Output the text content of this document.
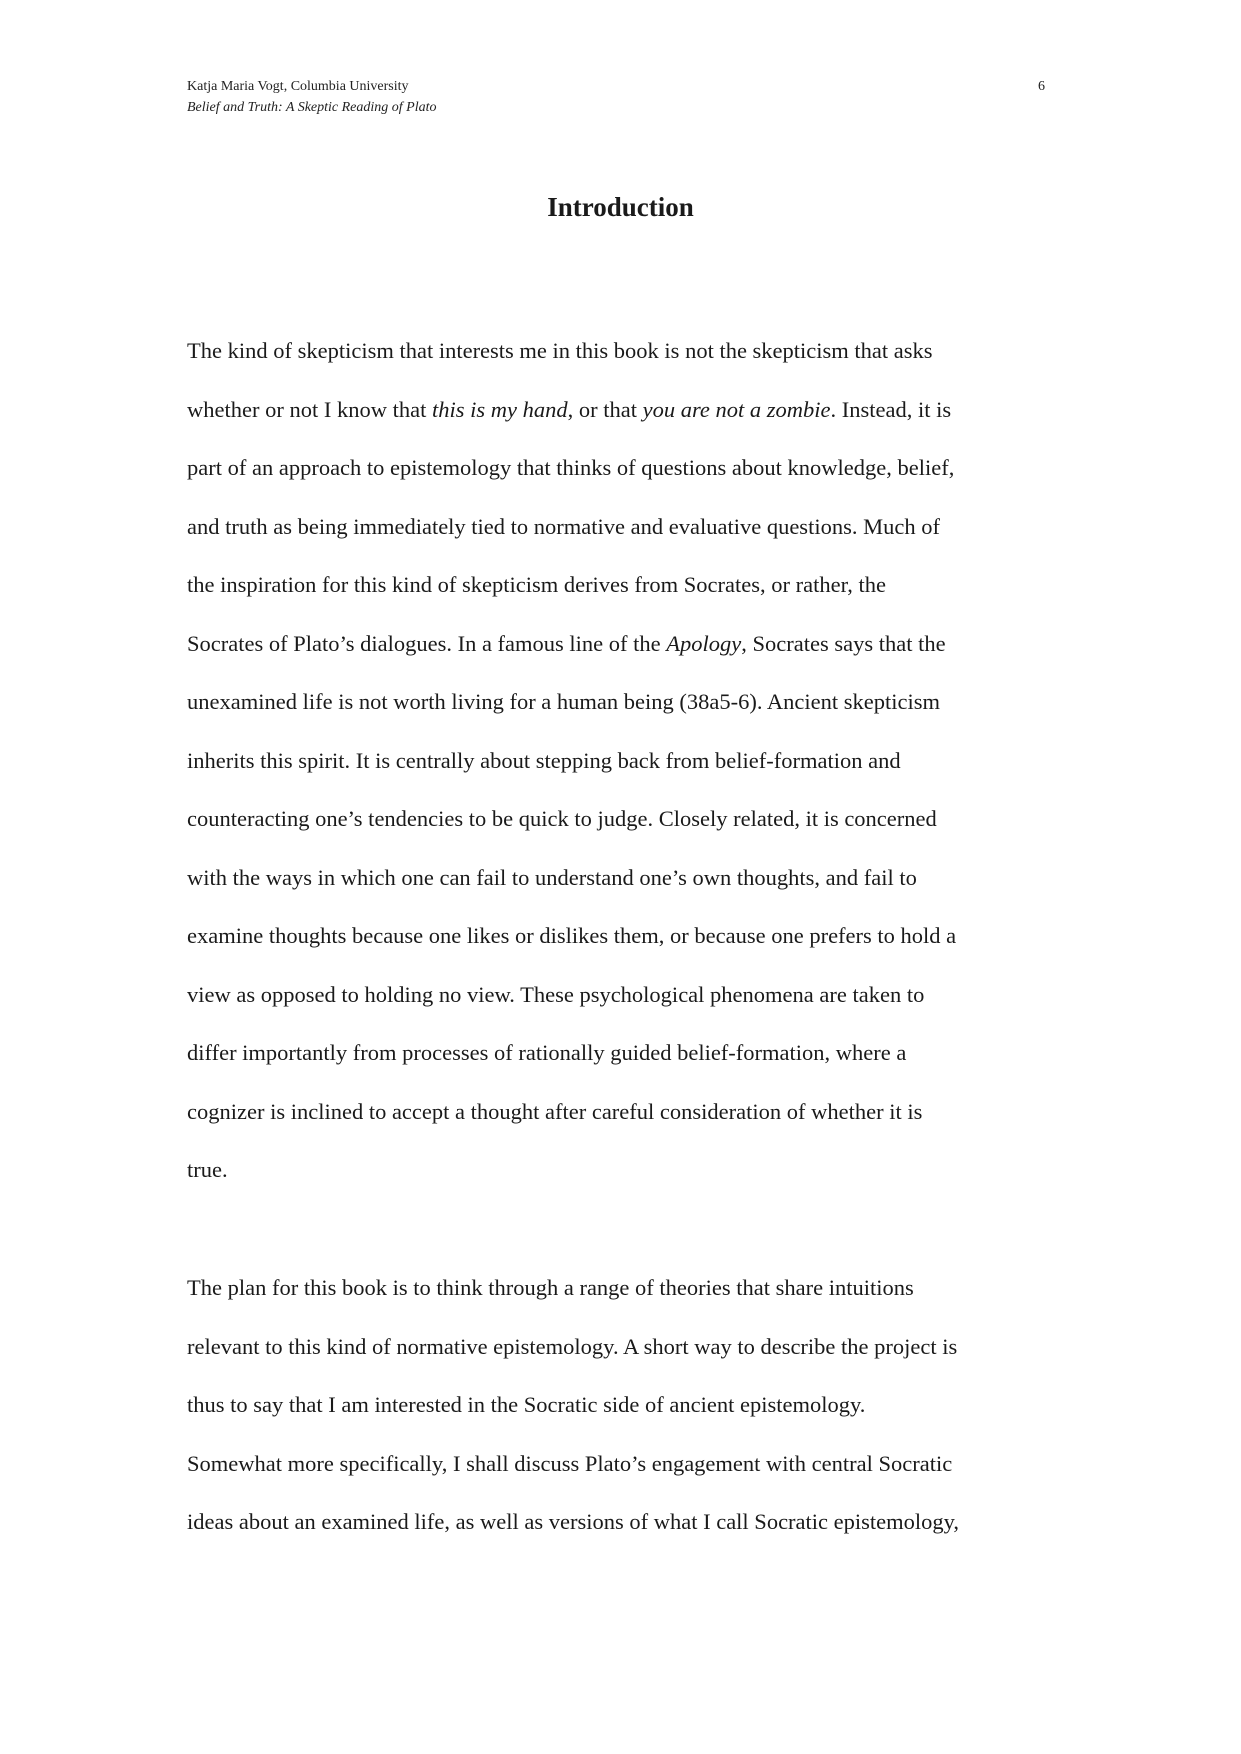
Katja Maria Vogt, Columbia University
Belief and Truth: A Skeptic Reading of Plato
6
Introduction

The kind of skepticism that interests me in this book is not the skepticism that asks
whether or not I know that this is my hand, or that you are not a zombie. Instead, it is
part of an approach to epistemology that thinks of questions about knowledge, belief,
and truth as being immediately tied to normative and evaluative questions. Much of
the inspiration for this kind of skepticism derives from Socrates, or rather, the
Socrates of Plato’s dialogues. In a famous line of the Apology, Socrates says that the
unexamined life is not worth living for a human being (38a5-6). Ancient skepticism
inherits this spirit. It is centrally about stepping back from belief-formation and
counteracting one’s tendencies to be quick to judge. Closely related, it is concerned
with the ways in which one can fail to understand one’s own thoughts, and fail to
examine thoughts because one likes or dislikes them, or because one prefers to hold a
view as opposed to holding no view. These psychological phenomena are taken to
differ importantly from processes of rationally guided belief-formation, where a
cognizer is inclined to accept a thought after careful consideration of whether it is
true.

The plan for this book is to think through a range of theories that share intuitions
relevant to this kind of normative epistemology. A short way to describe the project is
thus to say that I am interested in the Socratic side of ancient epistemology.
Somewhat more specifically, I shall discuss Plato’s engagement with central Socratic
ideas about an examined life, as well as versions of what I call Socratic epistemology,
